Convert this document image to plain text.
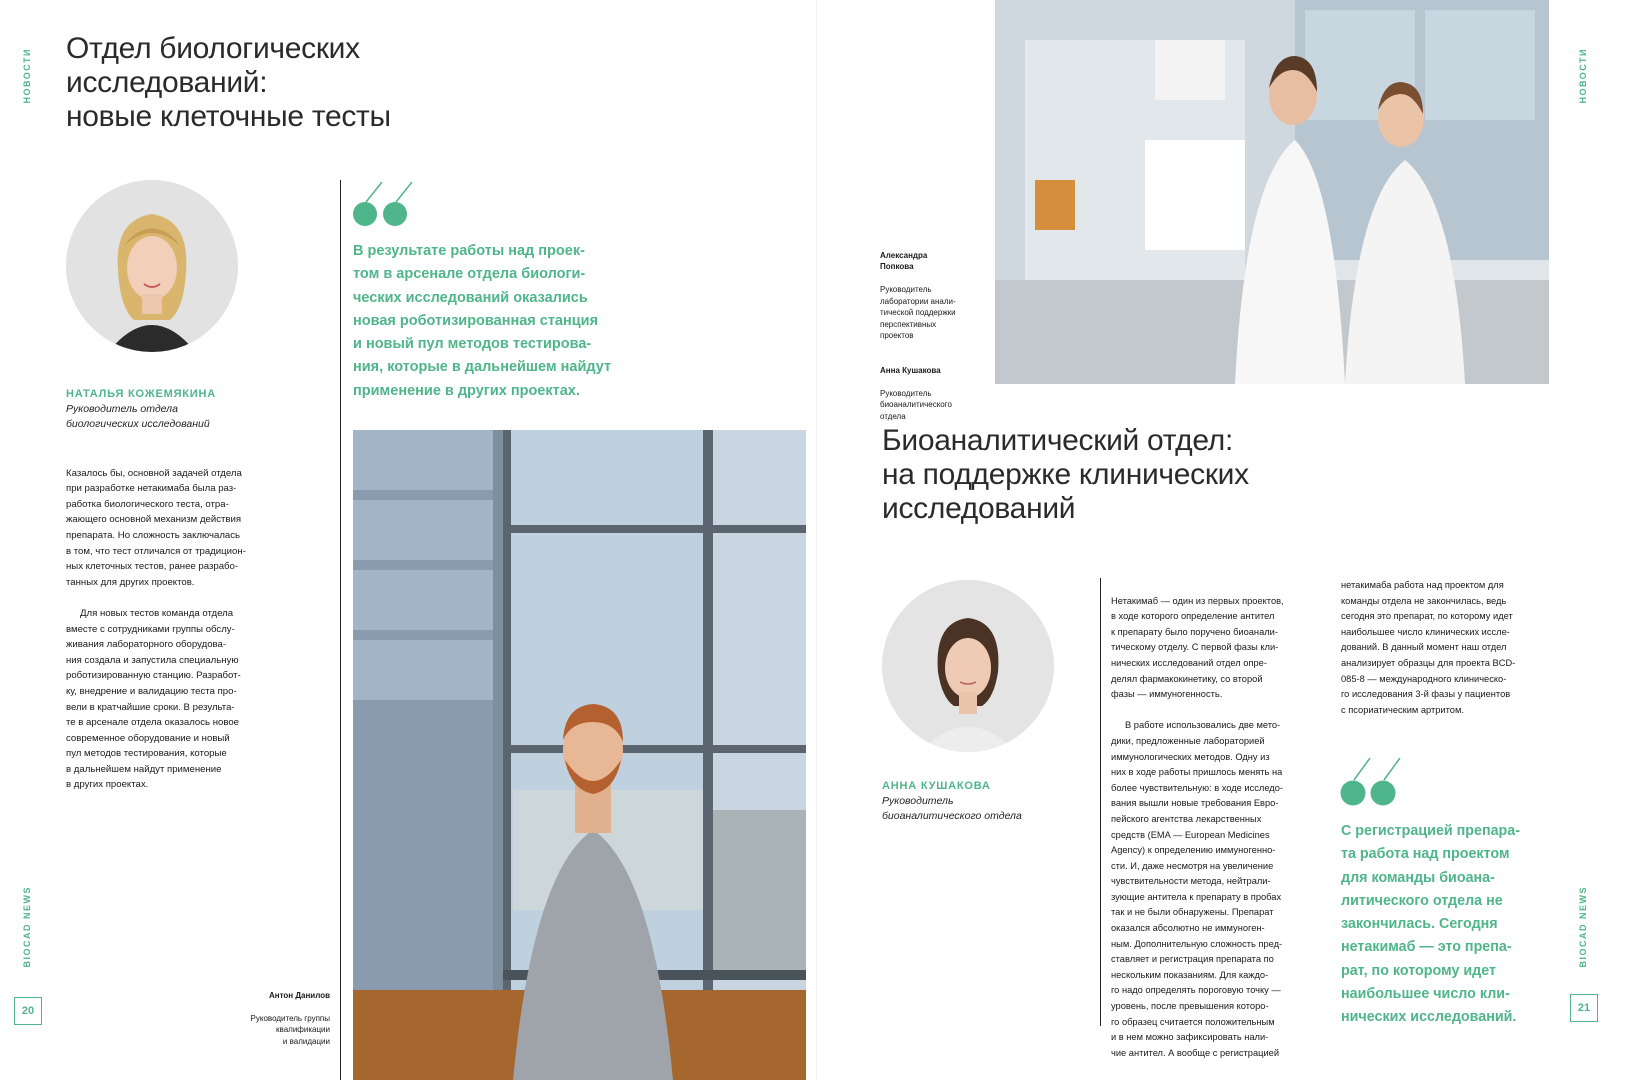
НОВОСТИ
BIOCAD NEWS
20
Отдел биологических
исследований:
новые клеточные тесты
НАТАЛЬЯ КОЖЕМЯКИНА
Руководитель отдела
биологических исследований

Казалось бы, основной задачей отдела
при разработке нетакимаба была раз-
работка биологического теста, отра-
жающего основной механизм действия
препарата. Но сложность заключалась
в том, что тест отличался от традицион-
ных клеточных тестов, ранее разрабо-
танных для других проектов.

Для новых тестов команда отдела
вместе с сотрудниками группы обслу-
живания лабораторного оборудова-
ния создала и запустила специальную
роботизированную станцию. Разработ-
ку, внедрение и валидацию теста про-
вели в кратчайшие сроки. В результа-
те в арсенале отдела оказалось новое
современное оборудование и новый
пул методов тестирования, которые
в дальнейшем найдут применение
в других проектах.

В результате работы над проек-
том в арсенале отдела биологи-
ческих исследований оказались
новая роботизированная станция
и новый пул методов тестирова-
ния, которые в дальнейшем найдут
применение в других проектах.

Антон Данилов

Руководитель группы
квалификации
и валидации

НОВОСТИ
BIOCAD NEWS
21

Александра
Попкова

Руководитель
лаборатории анали-
тической поддержки
перспективных
проектов

Анна Кушакова

Руководитель
биоаналитического
отдела

Биоаналитический отдел:
на поддержке клинических
исследований
АННА КУШАКОВА
Руководитель
биоаналитического отдела

Нетакимаб — один из первых проектов,
в ходе которого определение антител
к препарату было поручено биоанали-
тическому отделу. С первой фазы кли-
нических исследований отдел опре-
делял фармакокинетику, со второй
фазы — иммуногенность.

В работе использовались две мето-
дики, предложенные лабораторией
иммунологических методов. Одну из
них в ходе работы пришлось менять на
более чувствительную: в ходе исследо-
вания вышли новые требования Евро-
пейского агентства лекарственных
средств (EMA — European Medicines
Agency) к определению иммуногенно-
сти. И, даже несмотря на увеличение
чувствительности метода, нейтрали-
зующие антитела к препарату в пробах
так и не были обнаружены. Препарат
оказался абсолютно не иммуноген-
ным. Дополнительную сложность пред-
ставляет и регистрация препарата по
нескольким показаниям. Для каждо-
го надо определять пороговую точку —
уровень, после превышения которо-
го образец считается положительным
и в нем можно зафиксировать нали-
чие антител. А вообще с регистрацией

нетакимаба работа над проектом для
команды отдела не закончилась, ведь
сегодня это препарат, по которому идет
наибольшее число клинических иссле-
дований. В данный момент наш отдел
анализирует образцы для проекта BCD-
085-8 — международного клиническо-
го исследования 3-й фазы у пациентов
с псориатическим артритом.
С регистрацией препара-
та работа над проектом
для команды биоана-
литического отдела не
закончилась. Сегодня
нетакимаб — это препа-
рат, по которому идет
наибольшее число кли-
нических исследований.
